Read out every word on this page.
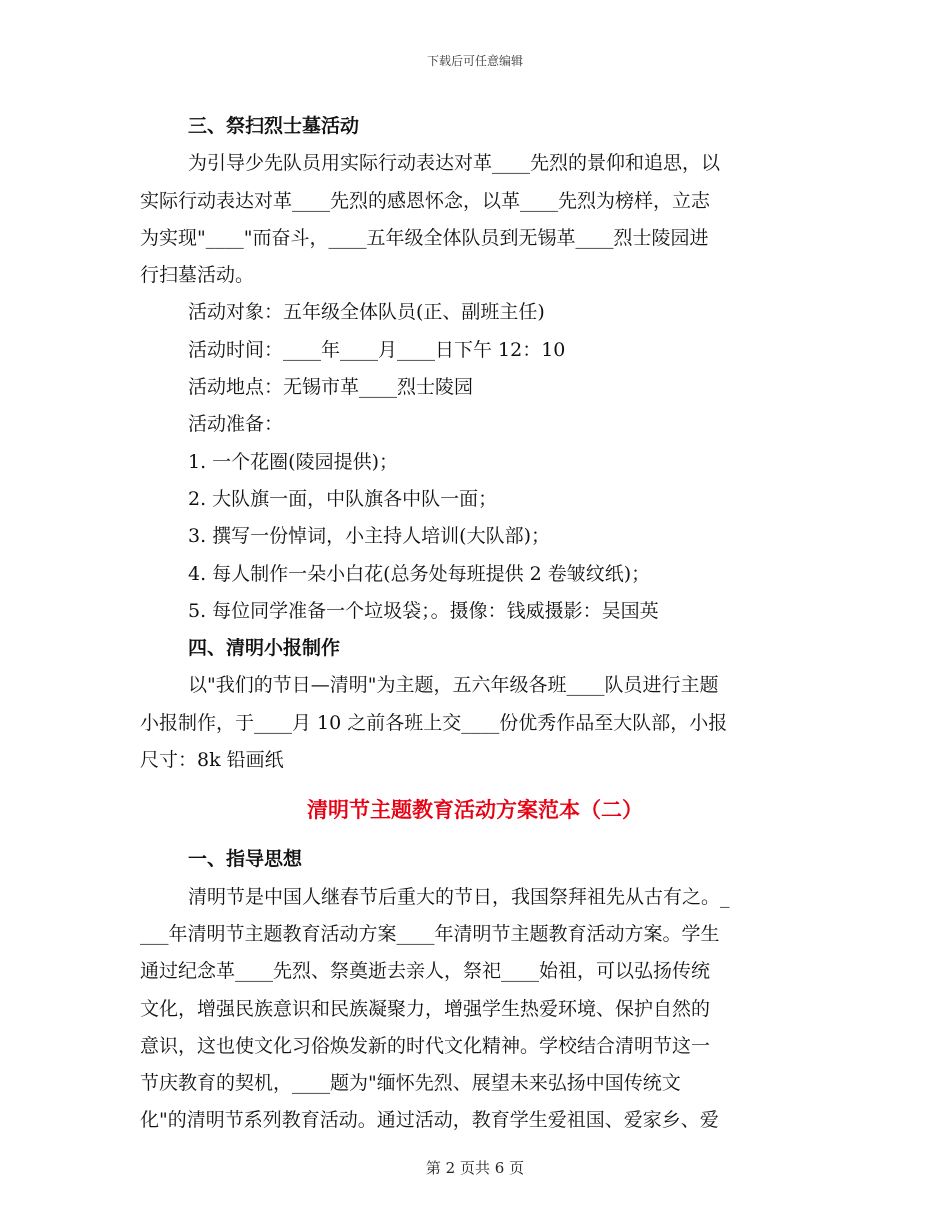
下载后可任意编辑
三、祭扫烈士墓活动
为引导少先队员用实际行动表达对革____先烈的景仰和追思，以
实际行动表达对革____先烈的感恩怀念，以革____先烈为榜样，立志
为实现"____"而奋斗，____五年级全体队员到无锡革____烈士陵园进
行扫墓活动。
活动对象：五年级全体队员(正、副班主任)
活动时间：____年____月____日下午 12：10
活动地点：无锡市革____烈士陵园
活动准备：
1. 一个花圈(陵园提供)；
2. 大队旗一面，中队旗各中队一面；
3. 撰写一份悼词，小主持人培训(大队部)；
4. 每人制作一朵小白花(总务处每班提供 2 卷皱纹纸)；
5. 每位同学准备一个垃圾袋；。摄像：钱威摄影：吴国英
四、清明小报制作
以"我们的节日—清明"为主题，五六年级各班____队员进行主题
小报制作，于____月 10 之前各班上交____份优秀作品至大队部，小报
尺寸：8k 铅画纸
清明节主题教育活动方案范本（二）
一、指导思想
清明节是中国人继春节后重大的节日，我国祭拜祖先从古有之。_
___年清明节主题教育活动方案____年清明节主题教育活动方案。学生
通过纪念革____先烈、祭奠逝去亲人，祭祀____始祖，可以弘扬传统
文化，增强民族意识和民族凝聚力，增强学生热爱环境、保护自然的
意识，这也使文化习俗焕发新的时代文化精神。学校结合清明节这一
节庆教育的契机，____题为"缅怀先烈、展望未来弘扬中国传统文
化"的清明节系列教育活动。通过活动，教育学生爱祖国、爱家乡、爱
第 2 页共 6 页
